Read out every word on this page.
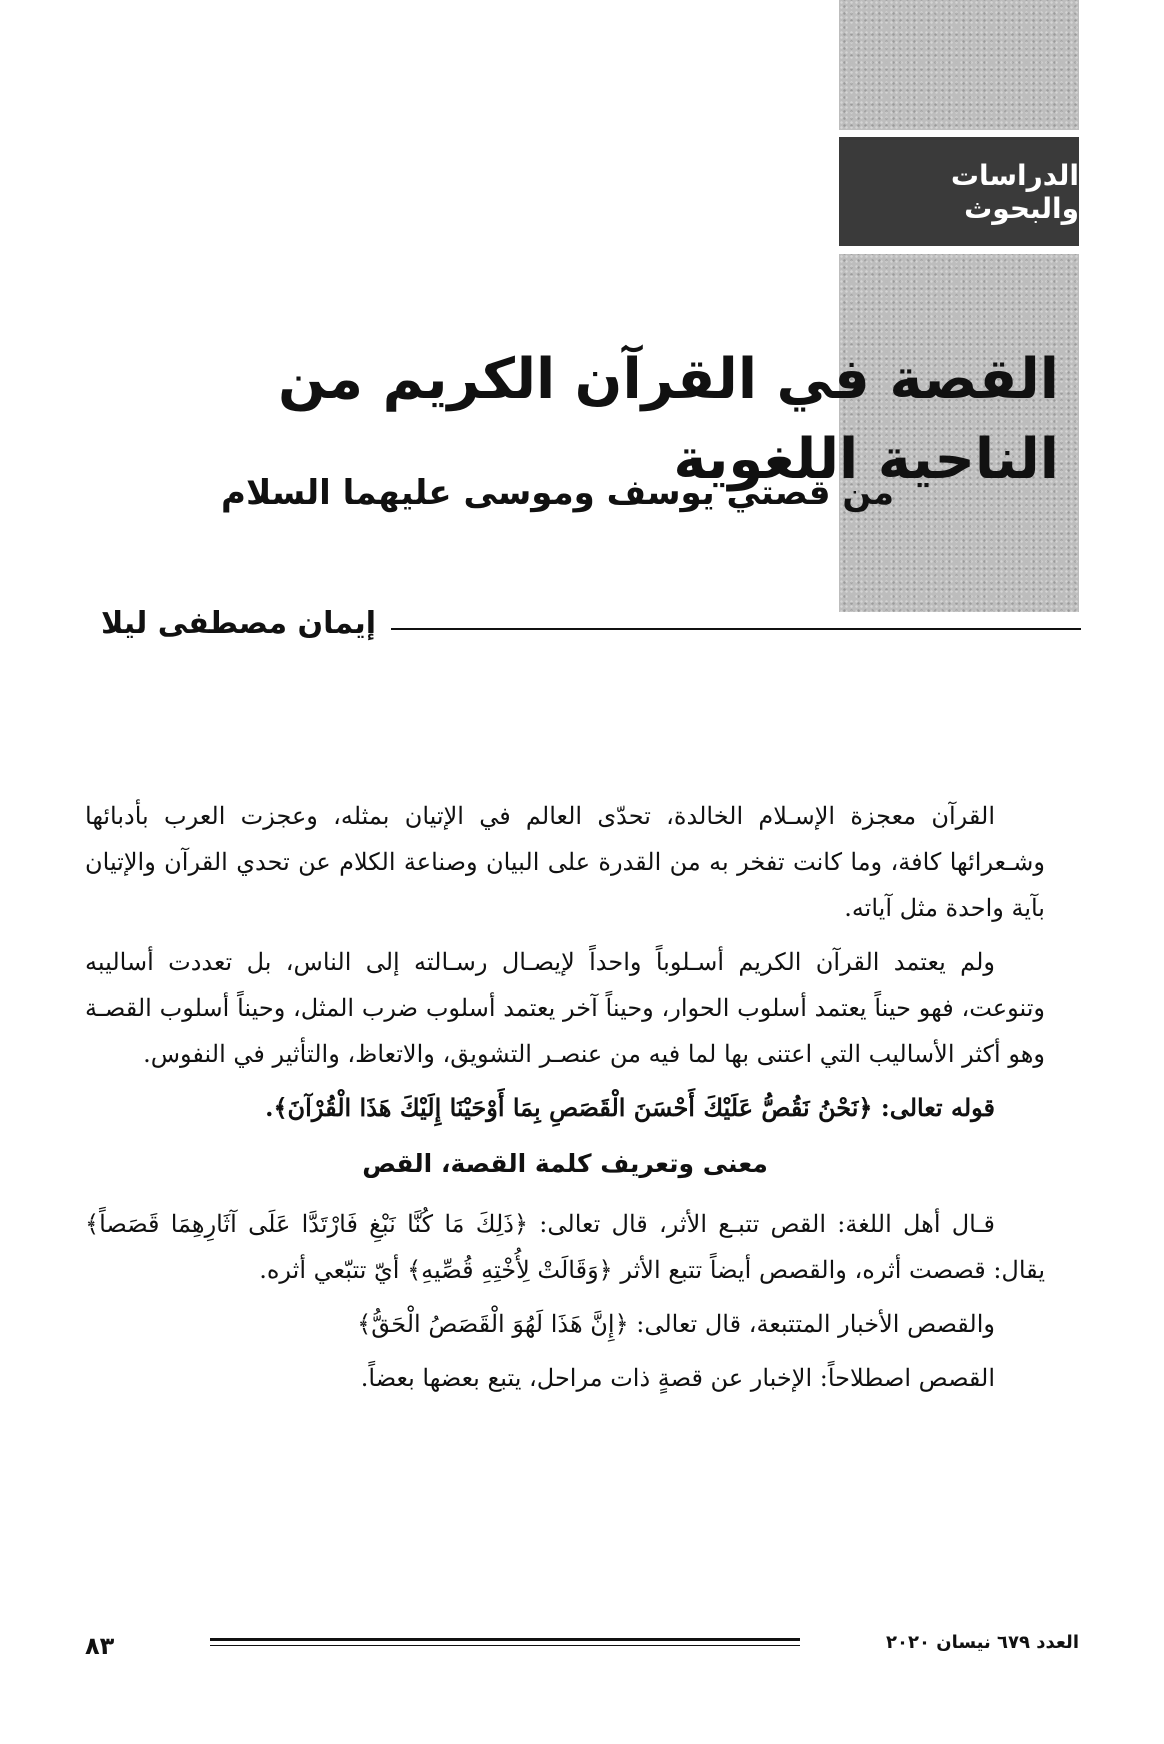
الدراسات والبحوث
القصة في القرآن الكريم من الناحية اللغوية
من قصتي يوسف وموسى عليهما السلام
إيمان مصطفى ليلا

القرآن معجزة الإسـلام الخالدة، تحدّى العالم في الإتيان بمثله، وعجزت العرب بأدبائها وشـعرائها كافة، وما كانت تفخر به من القدرة على البيان وصناعة الكلام عن تحدي القرآن والإتيان بآية واحدة مثل آياته.

ولم يعتمد القرآن الكريم أسـلوباً واحداً لإيصـال رسـالته إلى الناس، بل تعددت أساليبه وتنوعت، فهو حيناً يعتمد أسلوب الحوار، وحيناً آخر يعتمد أسلوب ضرب المثل، وحيناً أسلوب القصـة وهو أكثر الأساليب التي اعتنى بها لما فيه من عنصـر التشويق، والاتعاظ، والتأثير في النفوس.

قوله تعالى: ﴿نَحْنُ نَقُصُّ عَلَيْكَ أَحْسَنَ الْقَصَصِ بِمَا أَوْحَيْنَا إِلَيْكَ هَذَا الْقُرْآنَ﴾.

معنى وتعريف كلمة القصة، القص

قـال أهل اللغة: القص تتبـع الأثر، قال تعالى: ﴿ذَلِكَ مَا كُنَّا نَبْغِ فَارْتَدَّا عَلَى آثَارِهِمَا قَصَصاً﴾ يقال: قصصت أثره، والقصص أيضاً تتبع الأثر ﴿وَقَالَتْ لِأُخْتِهِ قُصِّيهِ﴾ أيّ تتبّعي أثره.

والقصص الأخبار المتتبعة، قال تعالى: ﴿إِنَّ هَذَا لَهُوَ الْقَصَصُ الْحَقُّ﴾

القصص اصطلاحاً: الإخبار عن قصةٍ ذات مراحل، يتبع بعضها بعضاً.

٨٣	العدد ٦٧٩ نيسان ٢٠٢٠
